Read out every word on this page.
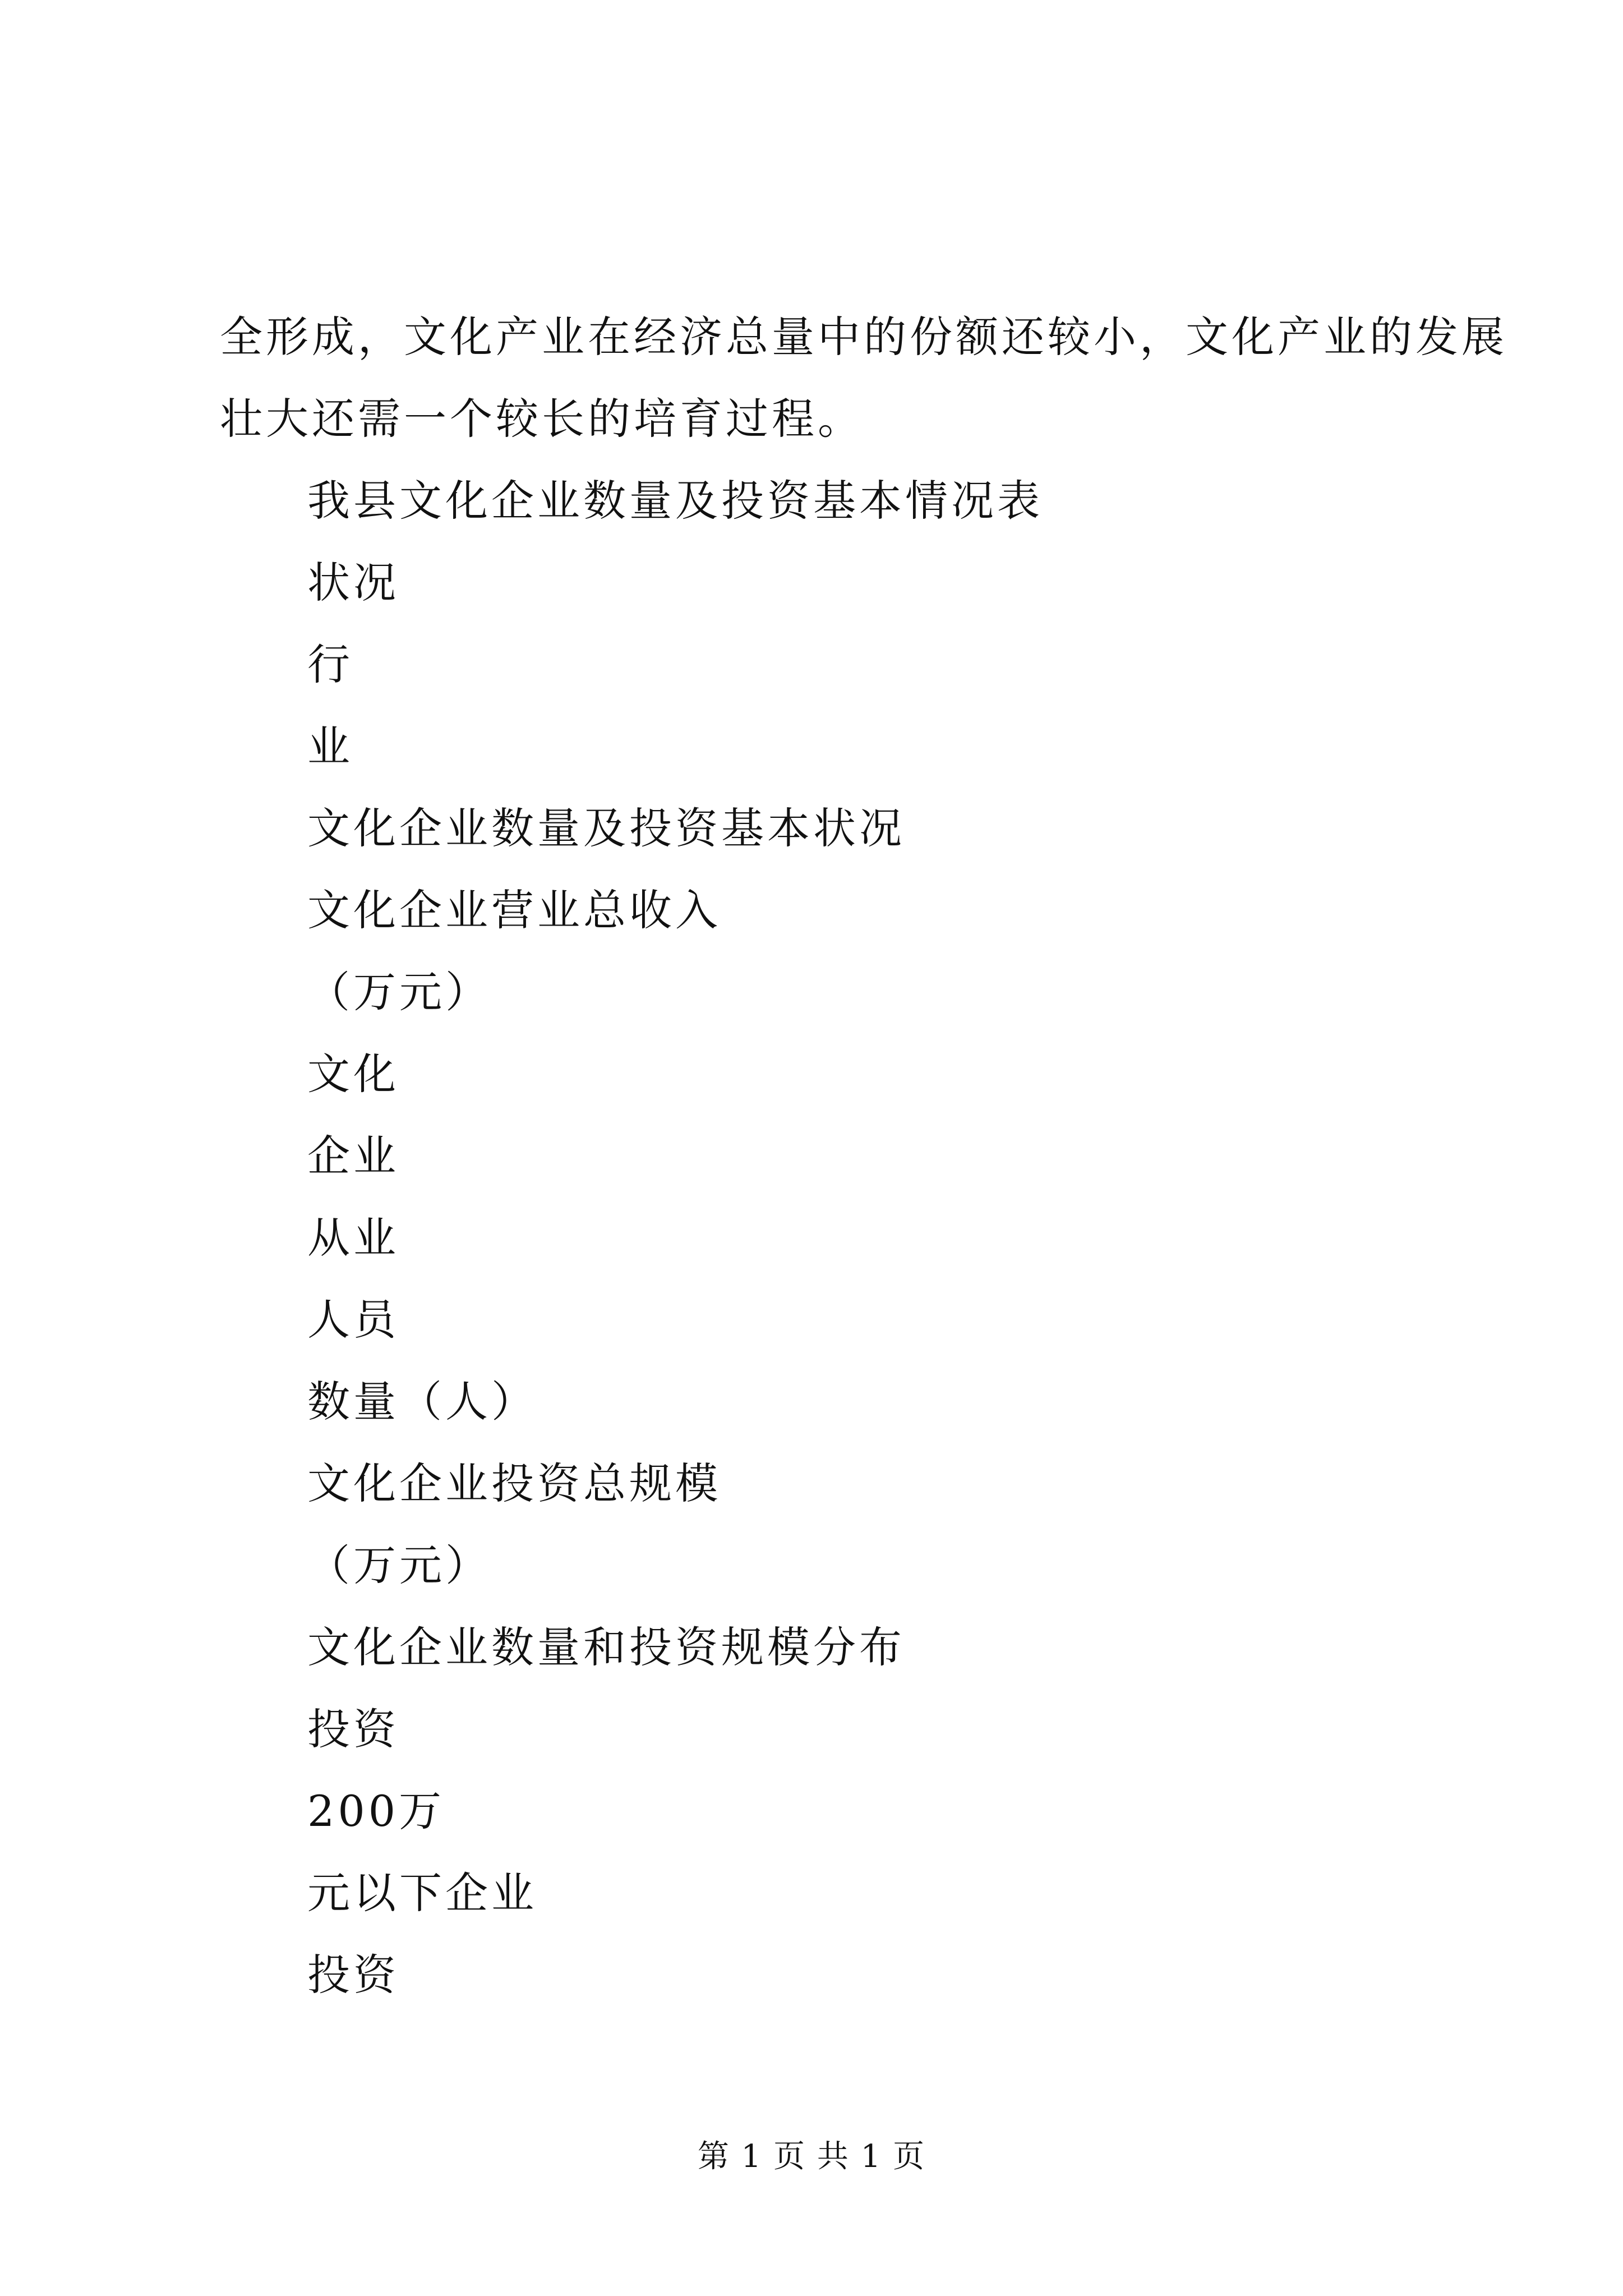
全形成，文化产业在经济总量中的份额还较小，文化产业的发展
壮大还需一个较长的培育过程。
我县文化企业数量及投资基本情况表
状况
行
业
文化企业数量及投资基本状况
文化企业营业总收入
（万元）
文化
企业
从业
人员
数量（人）
文化企业投资总规模
（万元）
文化企业数量和投资规模分布
投资
200万
元以下企业
投资
第 1 页 共 1 页
